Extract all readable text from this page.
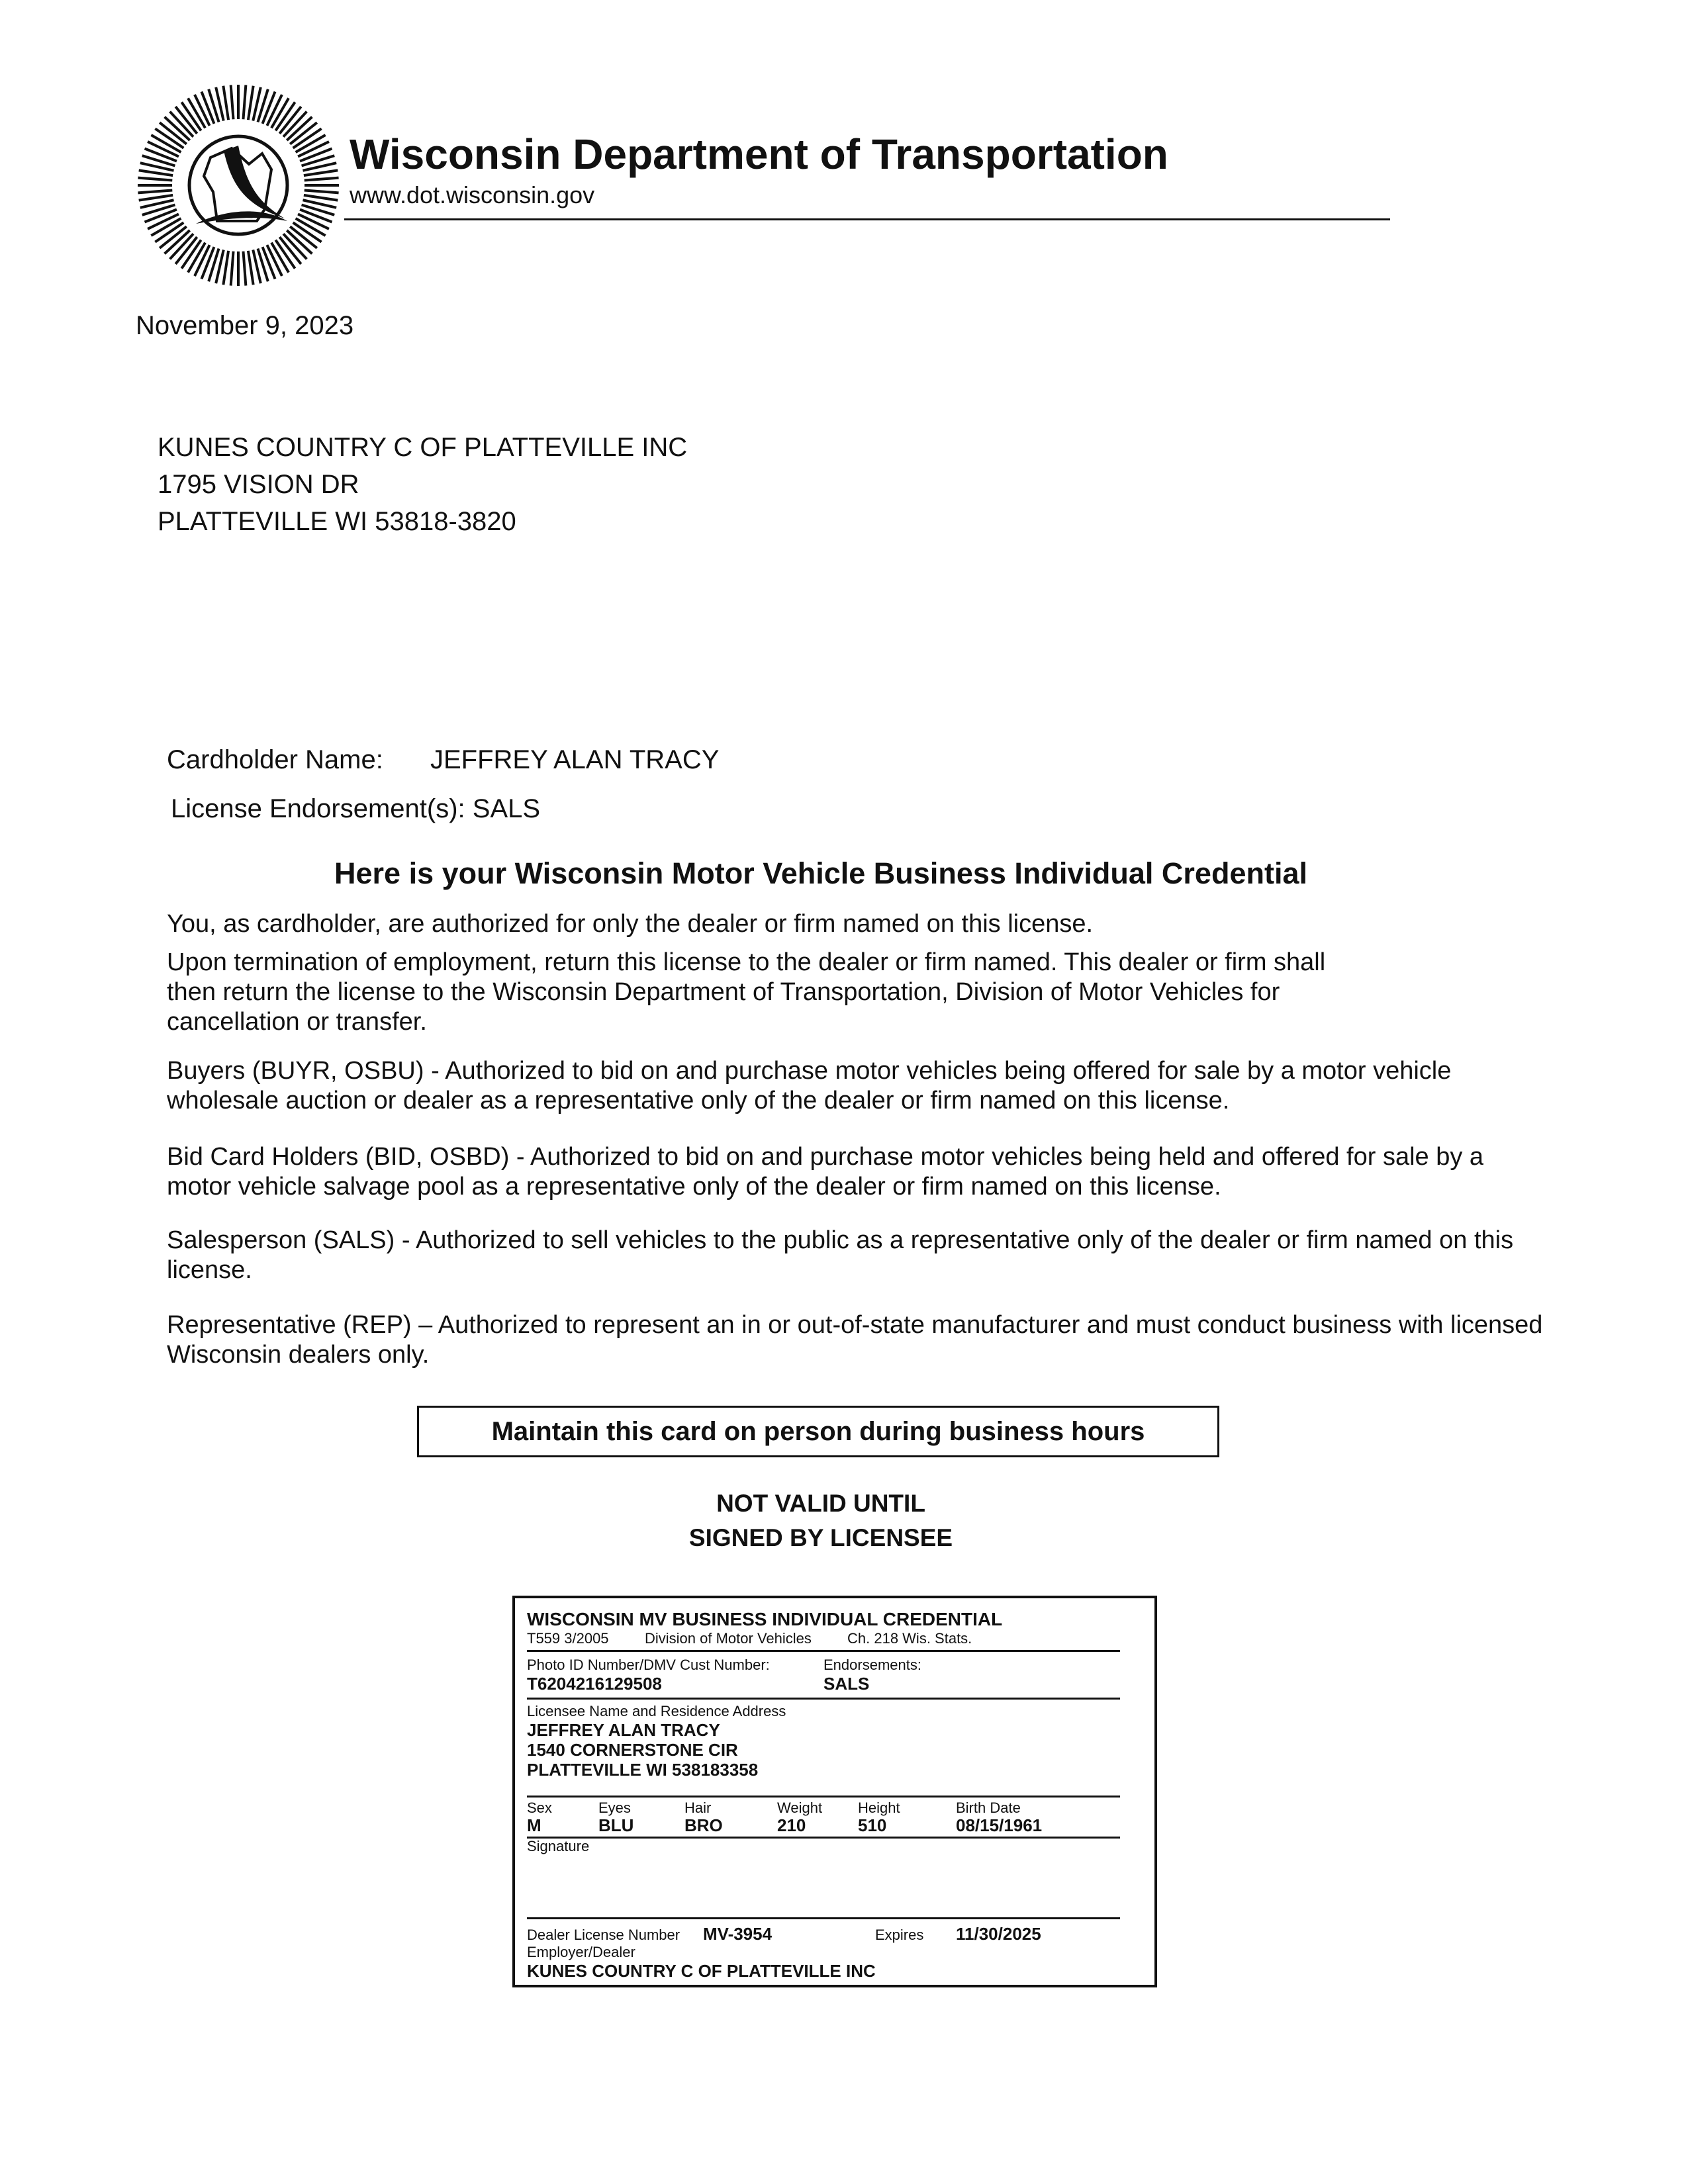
Wisconsin Department of Transportation
www.dot.wisconsin.gov
November 9, 2023
KUNES COUNTRY C OF PLATTEVILLE INC
1795 VISION DR
PLATTEVILLE WI 53818-3820
Cardholder Name: JEFFREY ALAN TRACY
License Endorsement(s): SALS
Here is your Wisconsin Motor Vehicle Business Individual Credential
You, as cardholder, are authorized for only the dealer or firm named on this license.
Upon termination of employment, return this license to the dealer or firm named. This dealer or firm shall then return the license to the Wisconsin Department of Transportation, Division of Motor Vehicles for cancellation or transfer.
Buyers (BUYR, OSBU) - Authorized to bid on and purchase motor vehicles being offered for sale by a motor vehicle wholesale auction or dealer as a representative only of the dealer or firm named on this license.
Bid Card Holders (BID, OSBD) - Authorized to bid on and purchase motor vehicles being held and offered for sale by a motor vehicle salvage pool as a representative only of the dealer or firm named on this license.
Salesperson (SALS) - Authorized to sell vehicles to the public as a representative only of the dealer or firm named on this license.
Representative (REP) – Authorized to represent an in or out-of-state manufacturer and must conduct business with licensed Wisconsin dealers only.
Maintain this card on person during business hours
NOT VALID UNTIL
SIGNED BY LICENSEE
WISCONSIN MV BUSINESS INDIVIDUAL CREDENTIAL
T559 3/2005 Division of Motor Vehicles Ch. 218 Wis. Stats.
Photo ID Number/DMV Cust Number:
T6204216129508
Endorsements:
SALS
Licensee Name and Residence Address
JEFFREY ALAN TRACY
1540 CORNERSTONE CIR
PLATTEVILLE WI 538183358
Sex	Eyes	Hair	Weight Height	Birth Date
M	BLU	BRO	210	510	08/15/1961
Signature
Dealer License Number MV-3954	Expires 11/30/2025
Employer/Dealer
KUNES COUNTRY C OF PLATTEVILLE INC
